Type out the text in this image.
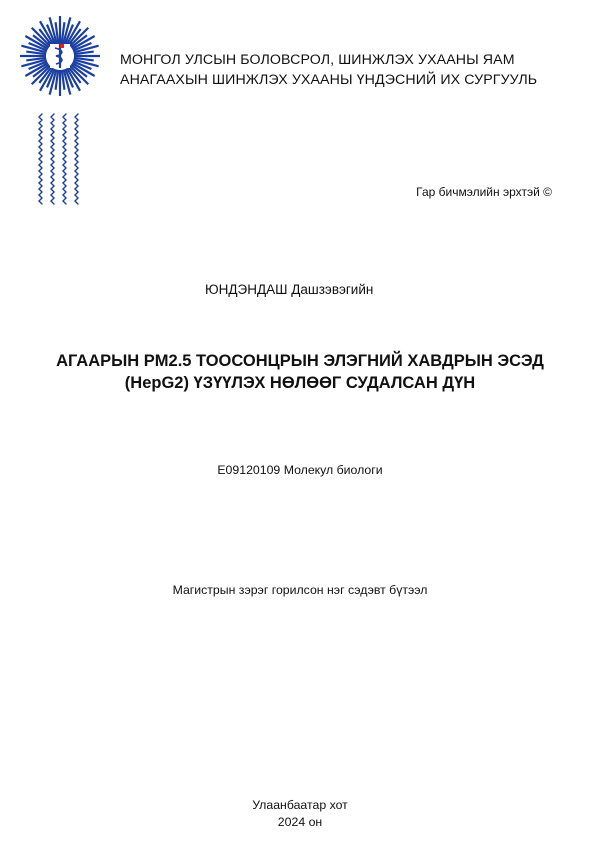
МОНГОЛ УЛСЫН БОЛОВСРОЛ, ШИНЖЛЭХ УХААНЫ ЯАМ
АНАГААХЫН ШИНЖЛЭХ УХААНЫ ҮНДЭСНИЙ ИХ СУРГУУЛЬ
Гар бичмэлийн эрхтэй ©
ЮНДЭНДАШ Дашзэвэгийн
АГААРЫН PM2.5 ТООСОНЦРЫН ЭЛЭГНИЙ ХАВДРЫН ЭСЭД
(HepG2) ҮЗҮҮЛЭХ НӨЛӨӨГ СУДАЛСАН ДҮН
E09120109 Молекул биологи
Магистрын зэрэг горилсон нэг сэдэвт бүтээл
Улаанбаатар хот
2024 он
